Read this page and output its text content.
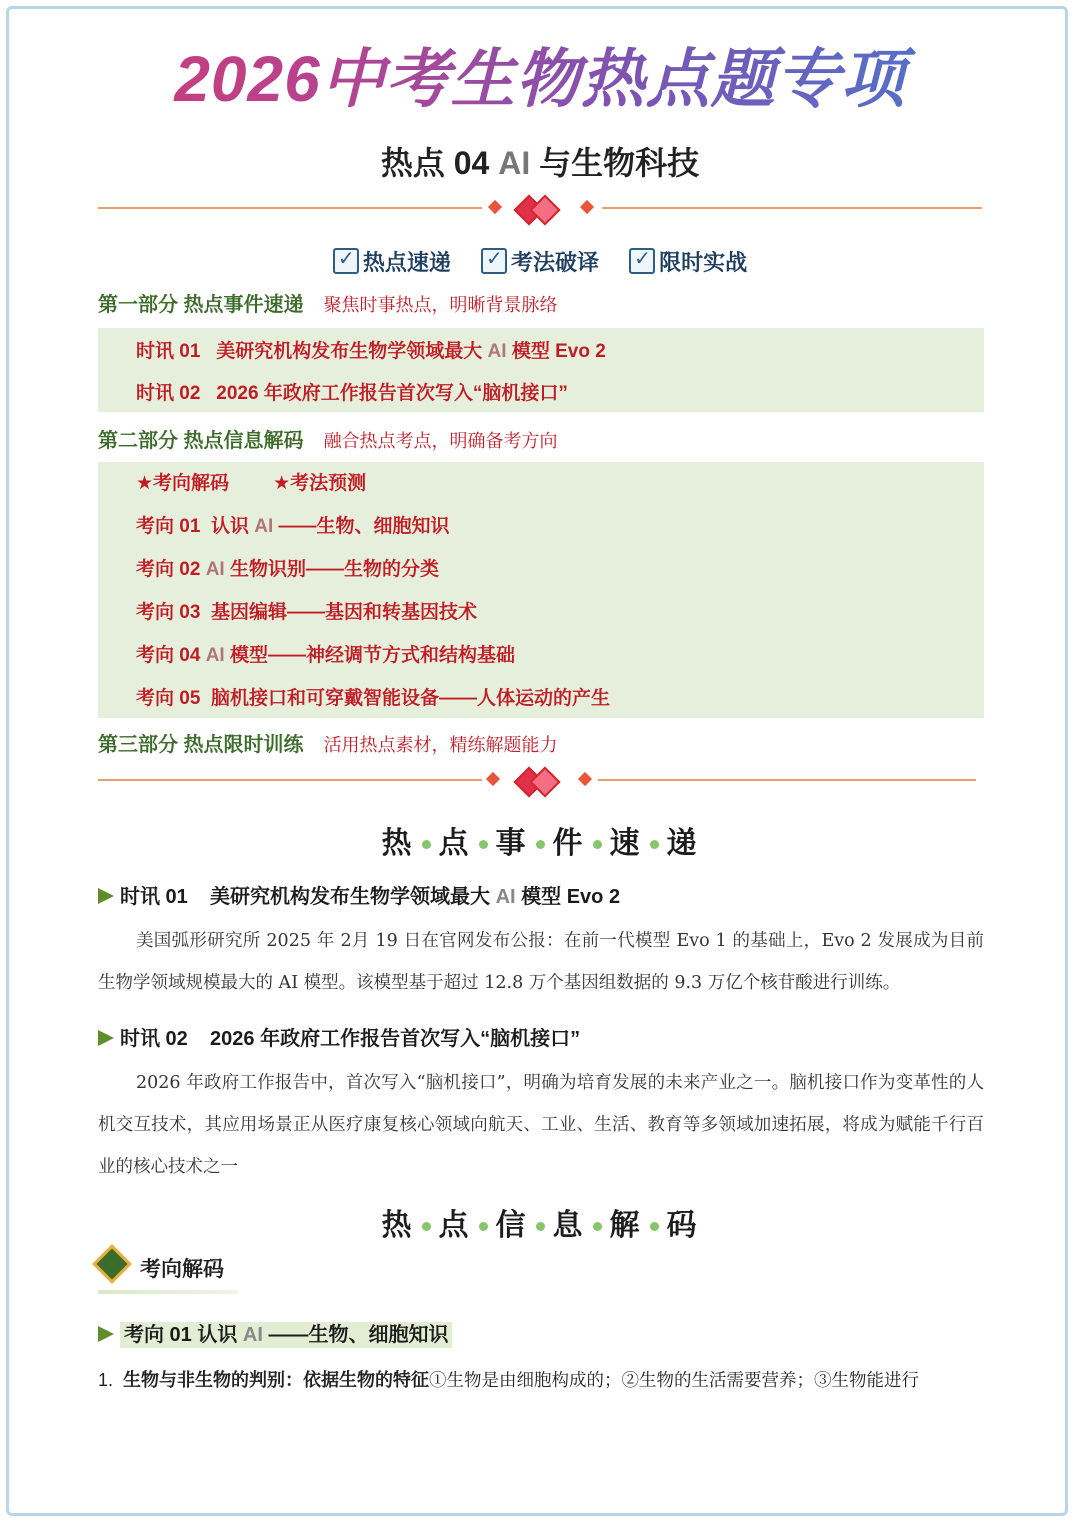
2026中考生物热点题专项
热点 04 AI 与生物科技
✓热点速递 ✓	考法破译 ✓	限时实战
第一部分 热点事件速递 聚焦时事热点，明晰背景脉络
时讯 01 美研究机构发布生物学领域最大 AI 模型 Evo 2
时讯 02 2026 年政府工作报告首次写入“脑机接口”
第二部分 热点信息解码 融合热点考点，明确备考方向
★考向解码 ★考法预测
考向 01 认识 AI ——生物、细胞知识
考向 02 AI 生物识别——生物的分类
考向 03 基因编辑——基因和转基因技术
考向 04 AI 模型——神经调节方式和结构基础
考向 05 脑机接口和可穿戴智能设备——人体运动的产生
第三部分 热点限时训练 活用热点素材，精练解题能力
热 点 事 件 速 递
时讯 01 美研究机构发布生物学领域最大 AI 模型 Evo 2
美国弧形研究所 2025 年 2月 19 日在官网发布公报：在前一代模型 Evo 1 的基础上，Evo 2 发展成为目前生物学领域规模最大的 AI 模型。该模型基于超过 12.8 万个基因组数据的 9.3 万亿个核苷酸进行训练。
时讯 02 2026 年政府工作报告首次写入“脑机接口”
2026 年政府工作报告中，首次写入“脑机接口”，明确为培育发展的未来产业之一。脑机接口作为变革性的人机交互技术，其应用场景正从医疗康复核心领域向航天、工业、生活、教育等多领域加速拓展，将成为赋能千行百业的核心技术之一
热 点 信 息 解 码
考向解码
考向 01 认识 AI ——生物、细胞知识
1. 生物与非生物的判别：依据生物的特征①生物是由细胞构成的；②生物的生活需要营养；③生物能进行
